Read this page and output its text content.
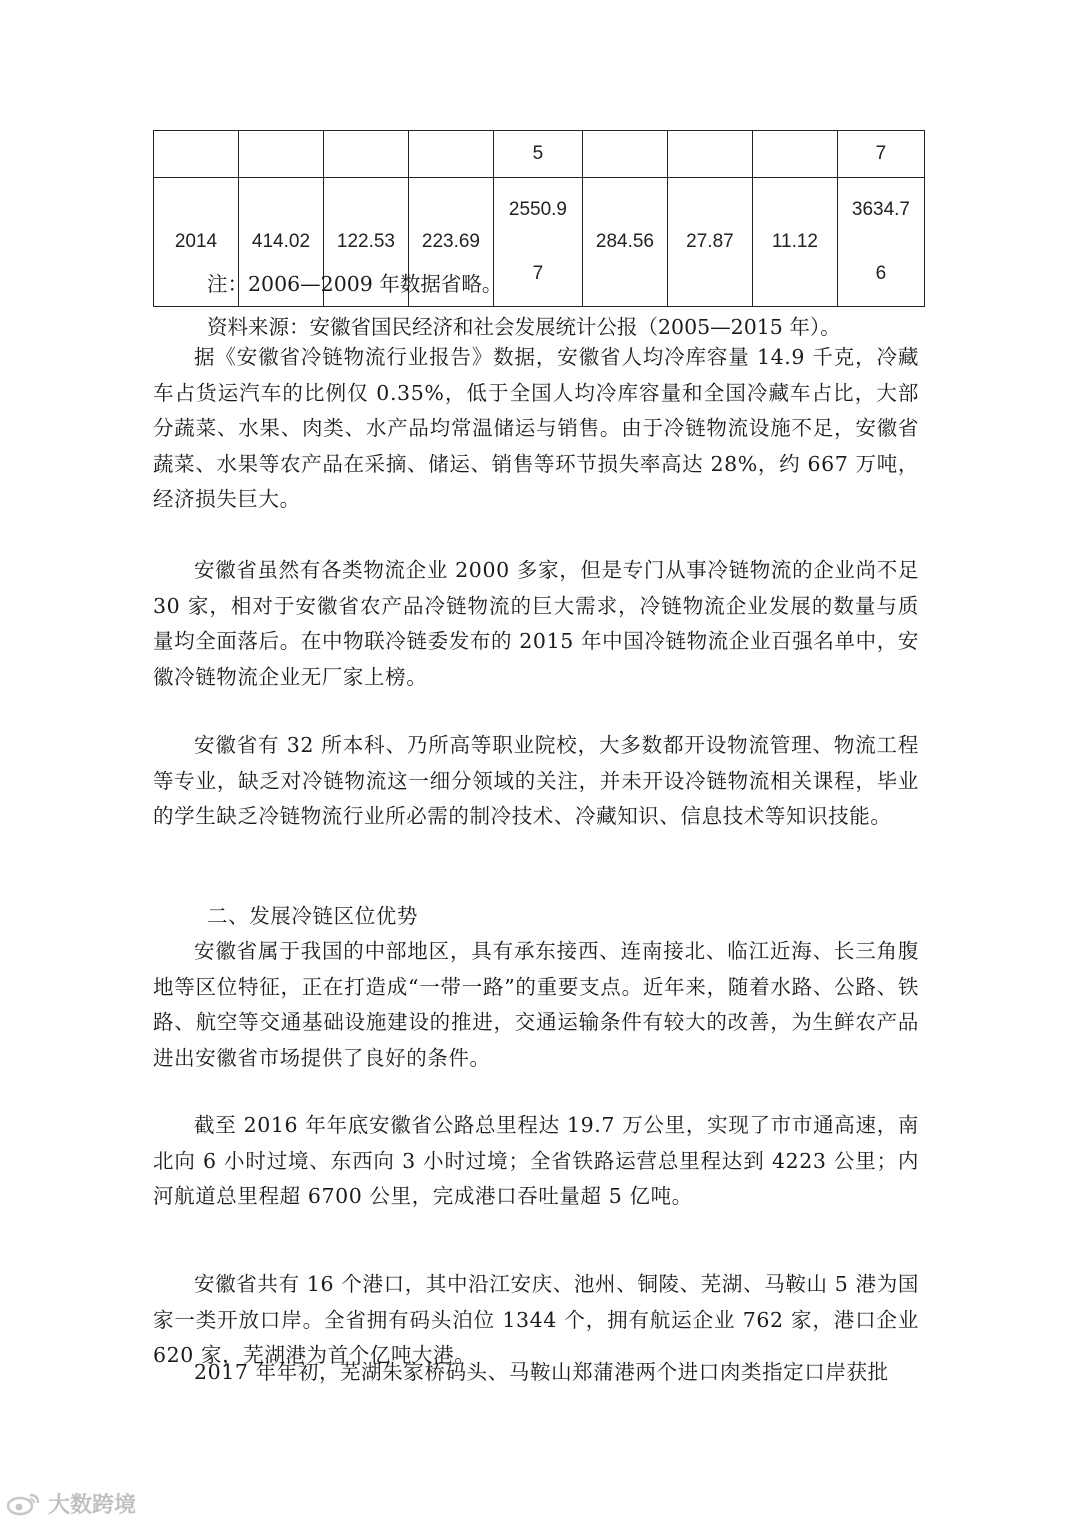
				5				7
2014	414.02	122.53	223.69	2550.9 7	284.56	27.87	11.12	3634.7 6
注：2006—2009 年数据省略。
资料来源：安徽省国民经济和社会发展统计公报（2005—2015 年）。

据《安徽省冷链物流行业报告》数据，安徽省人均冷库容量 14.9 千克，冷藏车占货运汽车的比例仅 0.35%，低于全国人均冷库容量和全国冷藏车占比，大部分蔬菜、水果、肉类、水产品均常温储运与销售。由于冷链物流设施不足，安徽省蔬菜、水果等农产品在采摘、储运、销售等环节损失率高达 28%，约 667 万吨，经济损失巨大。

安徽省虽然有各类物流企业 2000 多家，但是专门从事冷链物流的企业尚不足 30 家，相对于安徽省农产品冷链物流的巨大需求，冷链物流企业发展的数量与质量均全面落后。在中物联冷链委发布的 2015 年中国冷链物流企业百强名单中，安徽冷链物流企业无厂家上榜。

安徽省有 32 所本科、乃所高等职业院校，大多数都开设物流管理、物流工程等专业，缺乏对冷链物流这一细分领域的关注，并未开设冷链物流相关课程，毕业的学生缺乏冷链物流行业所必需的制冷技术、冷藏知识、信息技术等知识技能。

二、发展冷链区位优势

安徽省属于我国的中部地区，具有承东接西、连南接北、临江近海、长三角腹地等区位特征，正在打造成“一带一路”的重要支点。近年来，随着水路、公路、铁路、航空等交通基础设施建设的推进，交通运输条件有较大的改善，为生鲜农产品进出安徽省市场提供了良好的条件。

截至 2016 年年底安徽省公路总里程达 19.7 万公里，实现了市市通高速，南北向 6 小时过境、东西向 3 小时过境；全省铁路运营总里程达到 4223 公里；内河航道总里程超 6700 公里，完成港口吞吐量超 5 亿吨。

安徽省共有 16 个港口，其中沿江安庆、池州、铜陵、芜湖、马鞍山 5 港为国家一类开放口岸。全省拥有码头泊位 1344 个，拥有航运企业 762 家，港口企业 620 家，芜湖港为首个亿吨大港。

2017 年年初，芜湖朱家桥码头、马鞍山郑蒲港两个进口肉类指定口岸获批

大数跨境
